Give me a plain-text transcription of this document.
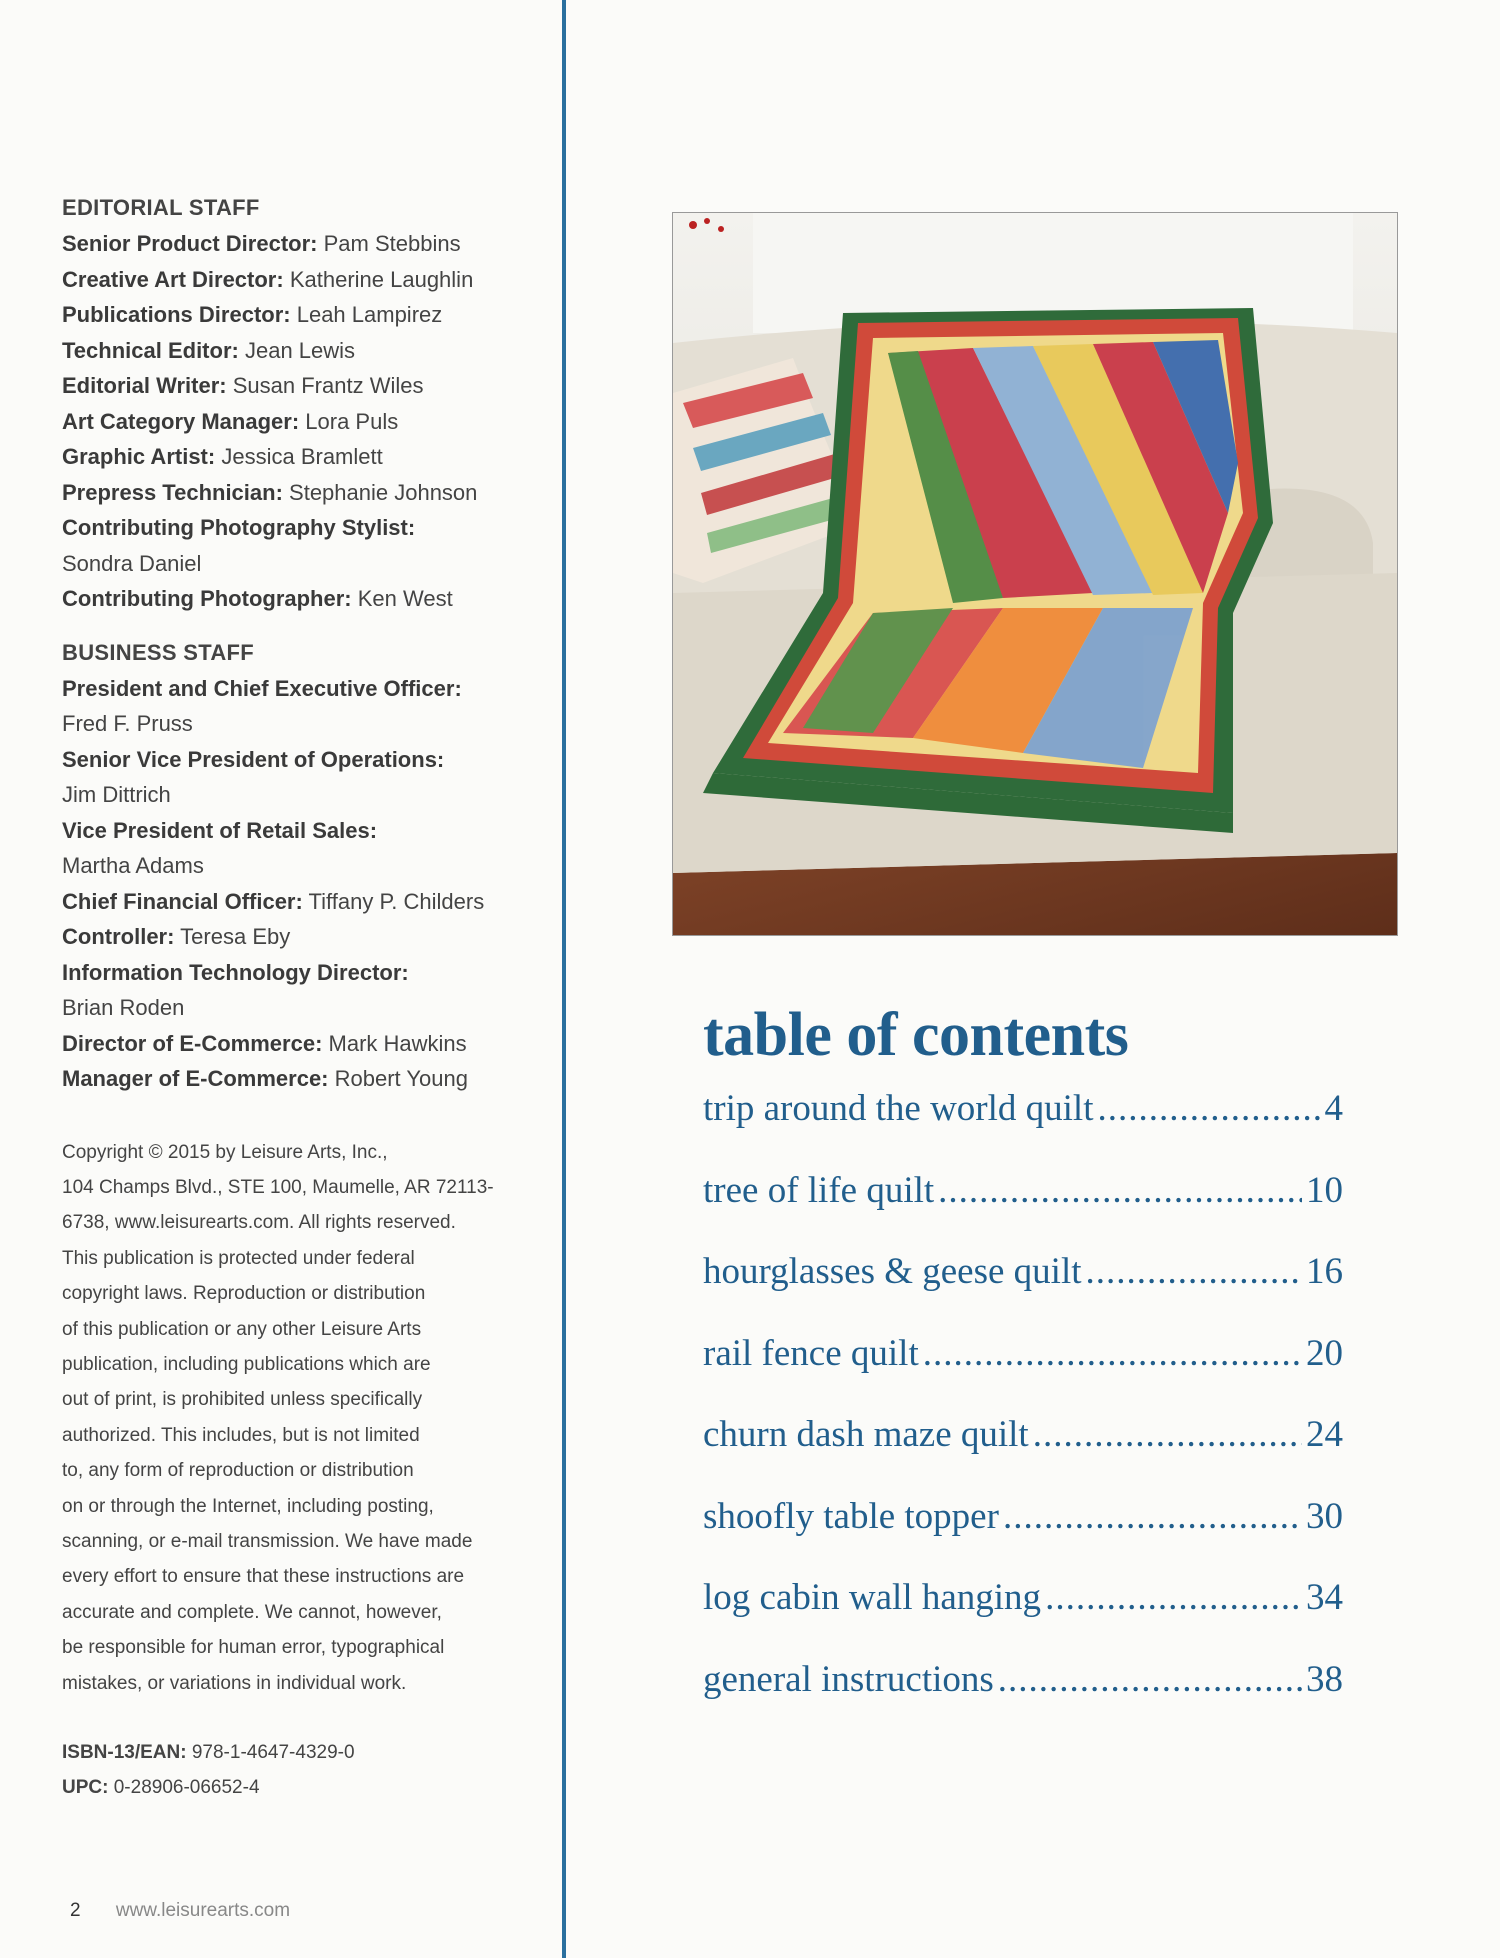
EDITORIAL STAFF

Senior Product Director: Pam Stebbins

Creative Art Director: Katherine Laughlin

Publications Director: Leah Lampirez

Technical Editor: Jean Lewis

Editorial Writer: Susan Frantz Wiles

Art Category Manager: Lora Puls

Graphic Artist: Jessica Bramlett

Prepress Technician: Stephanie Johnson

Contributing Photography Stylist:

Sondra Daniel

Contributing Photographer: Ken West

BUSINESS STAFF

President and Chief Executive Officer:

Fred F. Pruss

Senior Vice President of Operations:

Jim Dittrich

Vice President of Retail Sales:

Martha Adams

Chief Financial Officer: Tiffany P. Childers

Controller: Teresa Eby

Information Technology Director:

Brian Roden

Director of E-Commerce: Mark Hawkins

Manager of E-Commerce: Robert Young

Copyright © 2015 by Leisure Arts, Inc.,
104 Champs Blvd., STE 100, Maumelle, AR 72113-
6738, www.leisurearts.com. All rights reserved.
This publication is protected under federal
copyright laws. Reproduction or distribution
of this publication or any other Leisure Arts
publication, including publications which are
out of print, is prohibited unless specifically
authorized. This includes, but is not limited
to, any form of reproduction or distribution
on or through the Internet, including posting,
scanning, or e-mail transmission. We have made
every effort to ensure that these instructions are
accurate and complete. We cannot, however,
be responsible for human error, typographical
mistakes, or variations in individual work.
ISBN-13/EAN: 978-1-4647-4329-0
UPC: 0-28906-06652-4
2 www.leisurearts.com
table of contents
trip around the world quilt .....	4
tree of life quilt .....	10
hourglasses & geese quilt .....	16
rail fence quilt .....	20
churn dash maze quilt .....	24
shoofly table topper .....	30
log cabin wall hanging .....	34
general instructions .....	38
